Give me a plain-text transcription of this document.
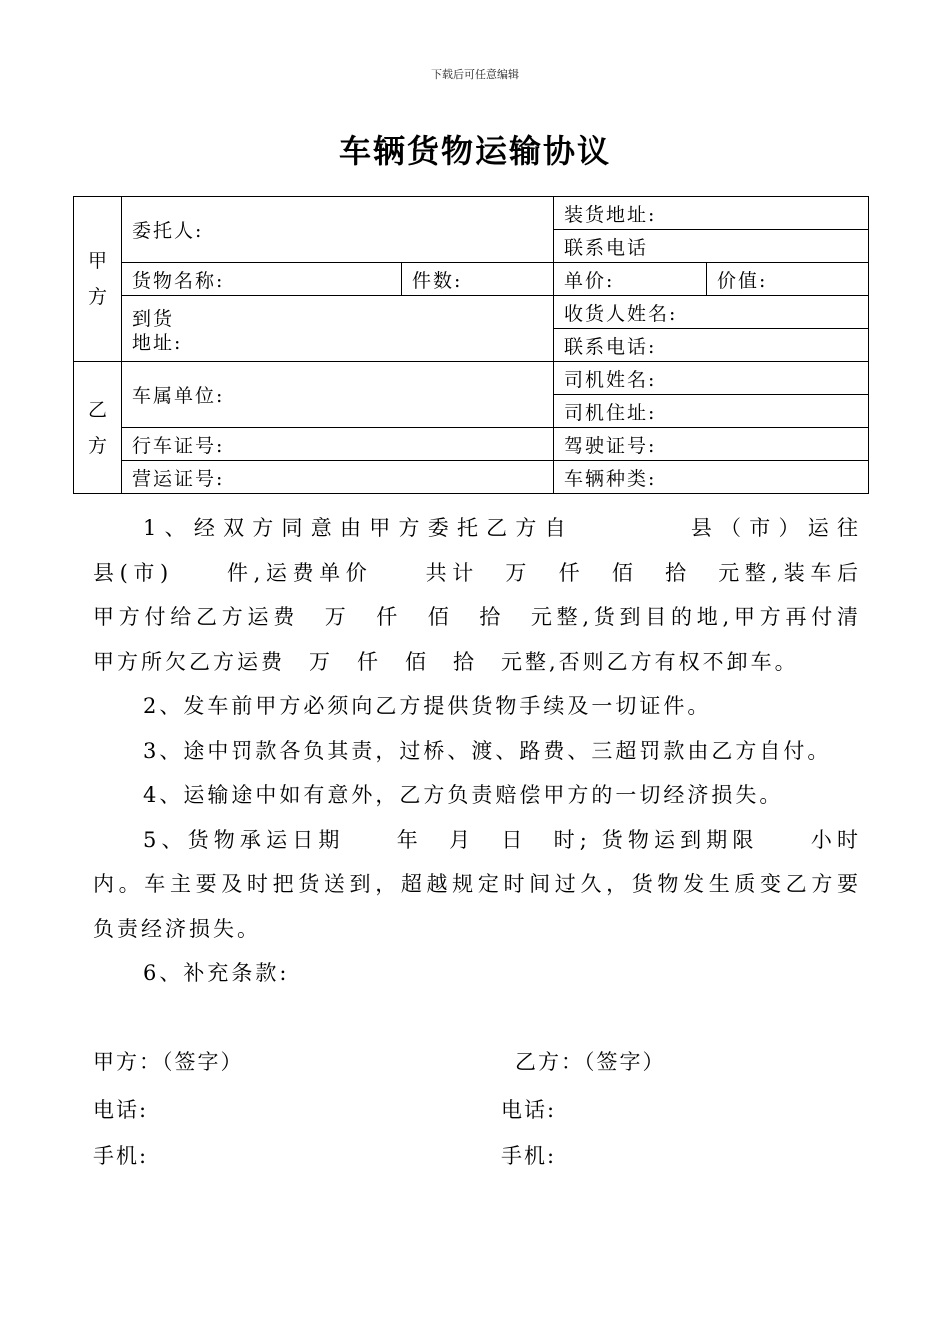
下载后可任意编辑
车辆货物运输协议
甲方	委托人:		装货地址:	
			联系电话	
	货物名称:	件数:	单价:	价值:

	到货
地址:		收货人姓名:	
			联系电话:	
乙方	车属单位:		司机姓名:	
			司机住址:	
	行车证号:		驾驶证号:	
	营运证号:		车辆种类:	

1、经双方同意由甲方委托乙方自　　　　县（市）运往

县(市)　　件,运费单价　　共计　万　仟　佰　拾　元整,装车后

甲方付给乙方运费　万　仟　佰　拾　元整,货到目的地,甲方再付清

甲方所欠乙方运费　万　仟　佰　拾　元整,否则乙方有权不卸车。

2、发车前甲方必须向乙方提供货物手续及一切证件。

3、途中罚款各负其责，过桥、渡、路费、三超罚款由乙方自付。

4、运输途中如有意外，乙方负责赔偿甲方的一切经济损失。

5、货物承运日期　　年　月　日　时; 货物运到期限　　小时

内。车主要及时把货送到，超越规定时间过久，货物发生质变乙方要

负责经济损失。

6、补充条款:

甲方：（签字）	乙方：（签字）
电话:	电话:
手机:	手机:
